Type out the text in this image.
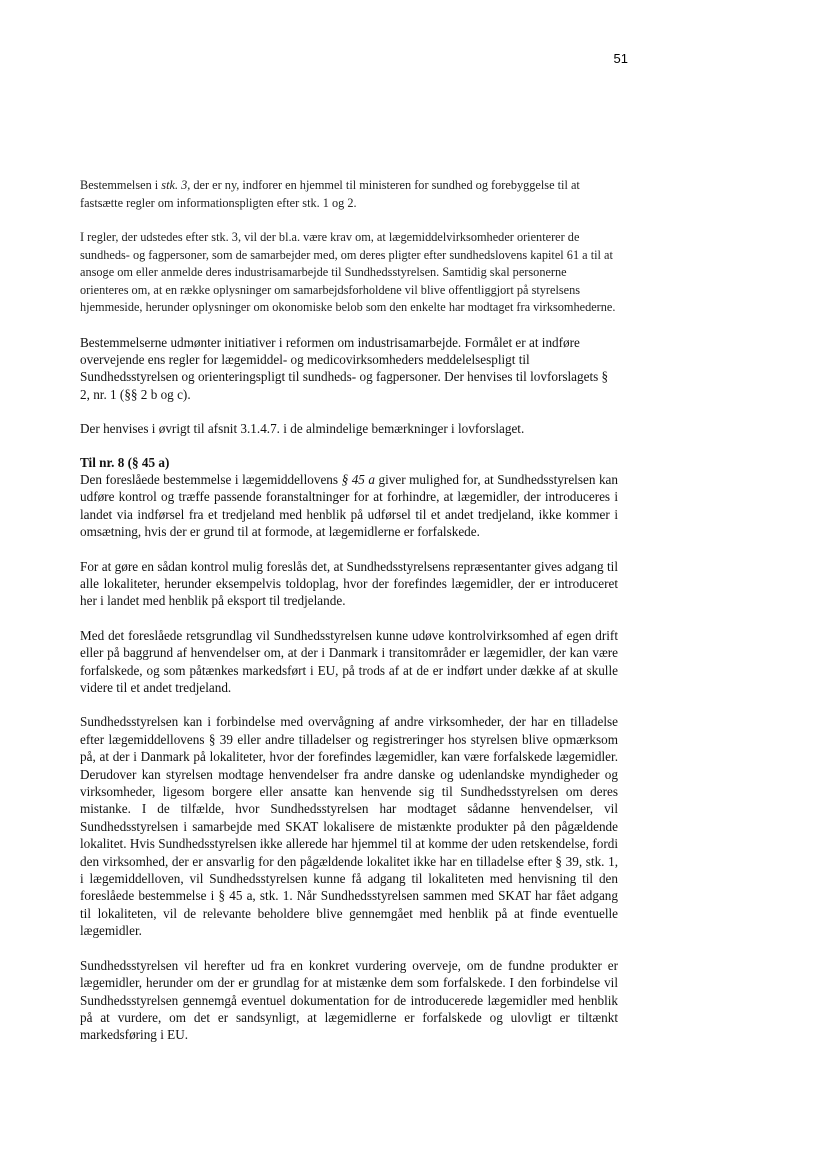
51

Bestemmelsen i stk. 3, der er ny, indforer en hjemmel til ministeren for sundhed og forebyggelse til at fastsætte regler om informationspligten efter stk. 1 og 2.

I regler, der udstedes efter stk. 3, vil der bl.a. være krav om, at lægemiddelvirksomheder orienterer de sundheds- og fagpersoner, som de samarbejder med, om deres pligter efter sundhedslovens kapitel 61 a til at ansoge om eller anmelde deres industrisamarbejde til Sundhedsstyrelsen. Samtidig skal personerne orienteres om, at en række oplysninger om samarbejdsforholdene vil blive offentliggjort på styrelsens hjemmeside, herunder oplysninger om okonomiske belob som den enkelte har modtaget fra virksomhederne.

Bestemmelserne udmønter initiativer i reformen om industrisamarbejde. Formålet er at indføre overvejende ens regler for lægemiddel- og medicovirksomheders meddelelsespligt til Sundhedsstyrelsen og orienteringspligt til sundheds- og fagpersoner. Der henvises til lovforslagets § 2, nr. 1 (§§ 2 b og c).

Der henvises i øvrigt til afsnit 3.1.4.7. i de almindelige bemærkninger i lovforslaget.

Til nr. 8 (§ 45 a)

Den foreslåede bestemmelse i lægemiddellovens § 45 a giver mulighed for, at Sundhedsstyrelsen kan udføre kontrol og træffe passende foranstaltninger for at forhindre, at lægemidler, der introduceres i landet via indførsel fra et tredjeland med henblik på udførsel til et andet tredjeland, ikke kommer i omsætning, hvis der er grund til at formode, at lægemidlerne er forfalskede.

For at gøre en sådan kontrol mulig foreslås det, at Sundhedsstyrelsens repræsentanter gives adgang til alle lokaliteter, herunder eksempelvis toldoplag, hvor der forefindes lægemidler, der er introduceret her i landet med henblik på eksport til tredjelande.

Med det foreslåede retsgrundlag vil Sundhedsstyrelsen kunne udøve kontrolvirksomhed af egen drift eller på baggrund af henvendelser om, at der i Danmark i transitområder er lægemidler, der kan være forfalskede, og som påtænkes markedsført i EU, på trods af at de er indført under dække af at skulle videre til et andet tredjeland.

Sundhedsstyrelsen kan i forbindelse med overvågning af andre virksomheder, der har en tilladelse efter lægemiddellovens § 39 eller andre tilladelser og registreringer hos styrelsen blive opmærksom på, at der i Danmark på lokaliteter, hvor der forefindes lægemidler, kan være forfalskede lægemidler. Derudover kan styrelsen modtage henvendelser fra andre danske og udenlandske myndigheder og virksomheder, ligesom borgere eller ansatte kan henvende sig til Sundhedsstyrelsen om deres mistanke. I de tilfælde, hvor Sundhedsstyrelsen har modtaget sådanne henvendelser, vil Sundhedsstyrelsen i samarbejde med SKAT lokalisere de mistænkte produkter på den pågældende lokalitet. Hvis Sundhedsstyrelsen ikke allerede har hjemmel til at komme der uden retskendelse, fordi den virksomhed, der er ansvarlig for den pågældende lokalitet ikke har en tilladelse efter § 39, stk. 1, i lægemiddelloven, vil Sundhedsstyrelsen kunne få adgang til lokaliteten med henvisning til den foreslåede bestemmelse i § 45 a, stk. 1. Når Sundhedsstyrelsen sammen med SKAT har fået adgang til lokaliteten, vil de relevante beholdere blive gennemgået med henblik på at finde eventuelle lægemidler.

Sundhedsstyrelsen vil herefter ud fra en konkret vurdering overveje, om de fundne produkter er lægemidler, herunder om der er grundlag for at mistænke dem som forfalskede. I den forbindelse vil Sundhedsstyrelsen gennemgå eventuel dokumentation for de introducerede lægemidler med henblik på at vurdere, om det er sandsynligt, at lægemidlerne er forfalskede og ulovligt er tiltænkt markedsføring i EU.
